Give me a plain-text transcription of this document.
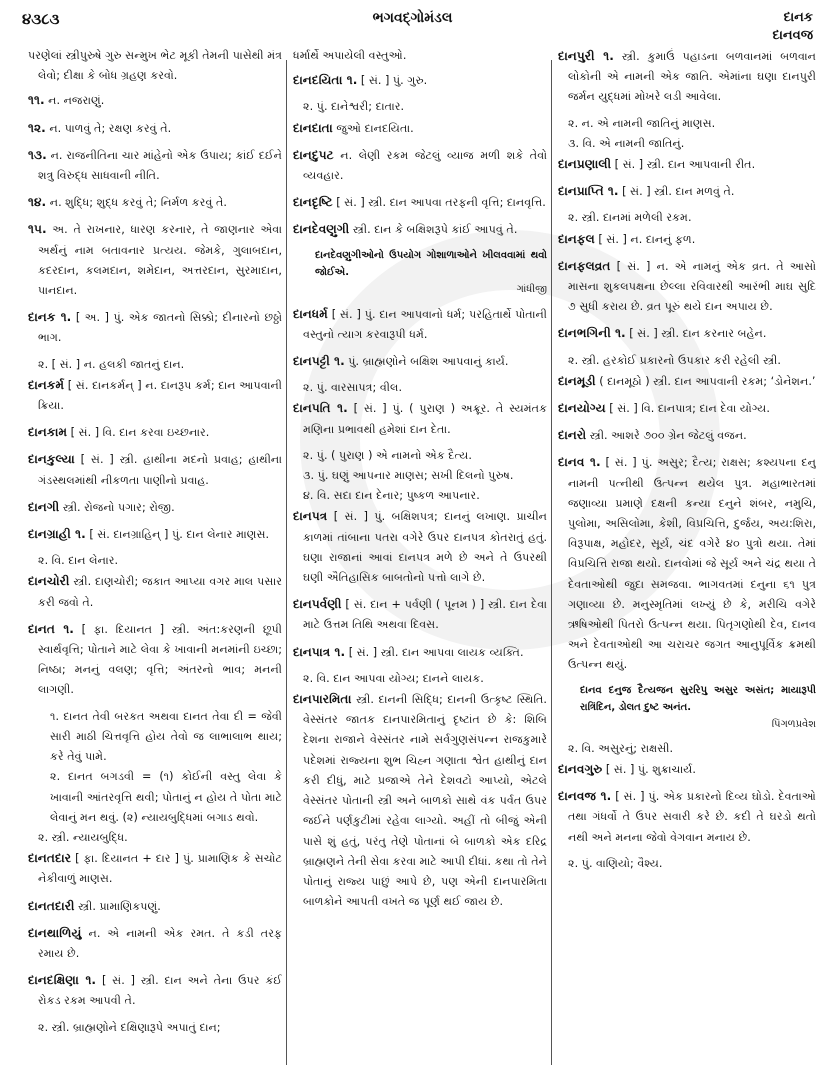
૪૩૮૩	ભગવદ્ગોમંડલ	દાનક
દાનવજ

પરણેલાં સ્ત્રીપુરુષે ગુરુ સન્મુખ ભેટ મૂકી તેમની પાસેથી મંત્ર લેવો; દીક્ષા કે બોધ ગ્રહણ કરવો.

૧૧. ન. નજરાણું.

૧૨. ન. પાળવું તે; રક્ષણ કરવું તે.

૧૩. ન. રાજનીતિના ચાર માંહેનો એક ઉપાય; કાંઈ દઈને શત્રુ વિરુદ્ધ સાધવાની નીતિ.

૧૪. ન. શુદ્ધિ; શુદ્ધ કરવું તે; નિર્મળ કરવું તે.

૧૫. અ. તે રાખનાર, ધારણ કરનાર, તે જાણનાર એવા અર્થનું નામ બતાવનાર પ્રત્યય. જેમકે, ગુલાબદાન, કદરદાન, કલમદાન, શમેદાન, અત્તરદાન, સુરમાદાન, પાનદાન.

દાનક ૧. [ અ. ] પું. એક જાતનો સિક્કો; દીનારનો છઠ્ઠો ભાગ.

૨. [ સં. ] ન. હલકી જાતનું દાન.

દાનકર્મ [ સં. દાનકર્મન્ ] ન. દાનરૂપ કર્મ; દાન આપવાની ક્રિયા.

દાનકામ [ સં. ] વિ. દાન કરવા ઇચ્છનાર.

દાનકુલ્યા [ સં. ] સ્ત્રી. હાથીના મદનો પ્રવાહ; હાથીના ગંડસ્થલમાંથી નીકળતા પાણીનો પ્રવાહ.

દાનગી સ્ત્રી. રોજનો પગાર; રોજી.

દાનગ્રાહી ૧. [ સં. દાનગ્રાહિન્ ] પું. દાન લેનાર માણસ.

૨. વિ. દાન લેનાર.

દાનચોરી સ્ત્રી. દાણચોરી; જકાત આપ્યા વગર માલ પસાર કરી જવો તે.

દાનત ૧. [ ફા. દિયાનત ] સ્ત્રી. અંત:કરણની છૂપી સ્વાર્થવૃત્તિ; પોતાને માટે લેવા કે ખાવાની મનમાંની ઇચ્છા; નિષ્ઠા; મનનું વલણ; વૃત્તિ; અંતરનો ભાવ; મનની લાગણી.

૧. દાનત તેવી બરકત અથવા દાનત તેવા દી = જેવી સારી માઠી ચિત્તવૃત્તિ હોય તેવો જ લાભાલાભ થાય; કરે તેવું પામે.

૨. દાનત બગડવી = (૧) કોઈની વસ્તુ લેવા કે ખાવાની આંતરવૃત્તિ થવી; પોતાનું ન હોય તે પોતા માટે લેવાનું મન થવું. (૨) ન્યાયબુદ્ધિમાં બગાડ થવો.

૨. સ્ત્રી. ન્યાયબુદ્ધિ.

દાનતદાર [ ફા. દિયાનત + દાર ] પું. પ્રામાણિક કે સચોટ નેકીવાળું માણસ.

દાનતદારી સ્ત્રી. પ્રામાણિકપણું.

દાનથાળિયું ન. એ નામની એક રમત. તે કડી તરફ રમાય છે.

દાનદક્ષિણા ૧. [ સં. ] સ્ત્રી. દાન અને તેના ઉપર કંઈ રોકડ રકમ આપવી તે.

૨. સ્ત્રી. બ્રાહ્મણોને દક્ષિણારૂપે અપાતું દાન;

ધર્માર્થે અપાયેલી વસ્તુઓ.

દાનદયિતા ૧. [ સં. ] પું. ગુરુ.

૨. પું. દાનેશ્વરી; દાતાર.

દાનદાતા જુઓ દાનદયિતા.

દાનદુપટ ન. લેણી રકમ જેટલું વ્યાજ મળી શકે તેવો વ્યવહાર.

દાનદૃષ્ટિ [ સં. ] સ્ત્રી. દાન આપવા તરફની વૃત્તિ; દાનવૃત્તિ.

દાનદેવણુગી સ્ત્રી. દાન કે બક્ષિશરૂપે કાંઈ આપવું તે.

દાનદેવણુગીઓનો ઉપયોગ ગોશાળાઓને ખીલવવામાં થવો જોઈએ.
ગાંધીજી

દાનધર્મ [ સં. ] પું. દાન આપવાનો ધર્મ; પરહિતાર્થે પોતાની વસ્તુનો ત્યાગ કરવારૂપી ધર્મ.

દાનપટ્ટી ૧. પું. બ્રાહ્મણોને બક્ષિશ આપવાનું કાર્ય.

૨. પું. વારસાપત્ર; વીલ.

દાનપતિ ૧. [ સં. ] પું. ( પુરાણ ) અક્રૂર. તે સ્યમંતક મણિના પ્રભાવથી હમેશાં દાન દેતા.

૨. પું. ( પુરાણ ) એ નામનો એક દૈત્ય.

૩. પું. ઘણું આપનાર માણસ; સખી દિલનો પુરુષ.

૪. વિ. સદા દાન દેનાર; પુષ્કળ આપનાર.

દાનપત્ર [ સં. ] પું. બક્ષિશપત્ર; દાનનું લખાણ. પ્રાચીન કાળમાં તાંબાના પતરા વગેરે ઉપર દાનપત્ર કોતરાતું હતું. ઘણા રાજાનાં આવાં દાનપત્ર મળે છે અને તે ઉપરથી ઘણી ઐતિહાસિક બાબતોનો પત્તો લાગે છે.

દાનપર્વણી [ સં. દાન + પર્વણી ( પૂનમ ) ] સ્ત્રી. દાન દેવા માટે ઉત્તમ તિથિ અથવા દિવસ.

દાનપાત્ર ૧. [ સં. ] સ્ત્રી. દાન આપવા લાયક વ્યક્તિ.

૨. વિ. દાન આપવા યોગ્ય; દાનને લાયક.

દાનપારમિતા સ્ત્રી. દાનની સિદ્ધિ; દાનની ઉત્કૃષ્ટ સ્થિતિ. વેસ્સંતર જાતક દાનપારમિતાનું દૃષ્ટાંત છે કે: શિબિ દેશના રાજાને વેસ્સંતર નામે સર્વગુણસંપન્ન રાજકુમારે પદેશમાં રાજ્યના શુભ ચિહ્ન ગણાતા શ્વેત હાથીનું દાન કરી દીધું, માટે પ્રજાએ તેને દેશવટો આપ્યો, એટલે વેસ્સંતર પોતાની સ્ત્રી અને બાળકો સાથે વંક પર્વત ઉપર જઈને પર્ણકુટીમાં રહેવા લાગ્યો. અહીં તો બીજું એની પાસે શું હતું, પરંતુ તેણે પોતાનાં બે બાળકો એક દરિદ્ર બ્રાહ્મણને તેની સેવા કરવા માટે આપી દીધાં. કથા તો તેને પોતાનું રાજ્ય પાછું આપે છે, પણ એની દાનપારમિતા બાળકોને આપતી વખતે જ પૂર્ણ થઈ જાય છે.

દાનપુરી ૧. સ્ત્રી. કુમાઉં પહાડના બળવાનમાં બળવાન લોકોની એ નામની એક જાતિ. એમાંના ઘણા દાનપુરી જર્મન યુદ્ધમાં મોખરે લડી આવેલા.

૨. ન. એ નામની જાતિનું માણસ.

૩. વિ. એ નામની જાતિનું.

દાનપ્રણાલી [ સં. ] સ્ત્રી. દાન આપવાની રીત.

દાનપ્રાપ્તિ ૧. [ સં. ] સ્ત્રી. દાન મળવું તે.

૨. સ્ત્રી. દાનમાં મળેલી રકમ.

દાનફલ [ સં. ] ન. દાનનું ફળ.

દાનફલવ્રત [ સં. ] ન. એ નામનું એક વ્રત. તે આસો માસના શુકલપક્ષના છેલ્લા રવિવારથી આરંભી માઘ સુદિ ૭ સુધી કરાય છે. વ્રત પૂરું થયે દાન અપાય છે.

દાનભગિની ૧. [ સં. ] સ્ત્રી. દાન કરનાર બહેન.

૨. સ્ત્રી. હરકોઈ પ્રકારનો ઉપકાર કરી રહેલી સ્ત્રી.

દાનમૂડી ( દાનમૂઠો ) સ્ત્રી. દાન આપવાની રકમ; ‘ડોનેશન.’

દાનયોગ્ય [ સં. ] વિ. દાનપાત્ર; દાન દેવા યોગ્ય.

દાનરો સ્ત્રી. આશરે ૭૦૦ ગ્રેન જેટલું વજન.

દાનવ ૧. [ સં. ] પું. અસુર; દૈત્ય; રાક્ષસ; કશ્યપના દનુ નામની પત્નીથી ઉત્પન્ન થયેલ પુત્ર. મહાભારતમાં જણાવ્યા પ્રમાણે દક્ષની કન્યા દનુને શંબર, નમુચિ, પુલોમા, અસિલોમા, કેશી, વિપ્રચિત્તિ, દુર્જય, અય:શિરા, વિરૂપાક્ષ, મહોદર, સૂર્ય, ચંદ વગેરે ૪૦ પુત્રો થયા. તેમાં વિપ્રચિત્તિ રાજા થયો. દાનવોમાં જે સૂર્ય અને ચંદ્ર થયા તે દેવતાઓથી જુદા સમજવા. ભાગવતમાં દનુના ૬૧ પુત્ર ગણાવ્યા છે. મનુસ્મૃતિમાં લખ્યું છે કે, મરીચિ વગેરે ઋષિઓથી પિતરો ઉત્પન્ન થયા. પિતૃગણોથી દેવ, દાનવ અને દેવતાઓથી આ ચરાચર જગત આનુપૂર્વિક ક્રમથી ઉત્પન્ન થયું.

દાનવ દનુજ દૈત્યજન સુરરિપુ અસુર અસંત; માયારૂપી રાત્રિંદિન, ડોલત દુષ્ટ અનંત.
પિંગળપ્રવેશ

૨. વિ. અસુરનું; રાક્ષસી.

દાનવગુરુ [ સં. ] પું. શુક્રાચાર્ય.

દાનવજ ૧. [ સં. ] પું. એક પ્રકારનો દિવ્ય ઘોડો. દેવતાઓ તથા ગંધર્વો તે ઉપર સવારી કરે છે. કદી તે ઘરડો થતો નથી અને મનના જેવો વેગવાન મનાય છે.

૨. પું. વાણિયો; વૈશ્ય.
